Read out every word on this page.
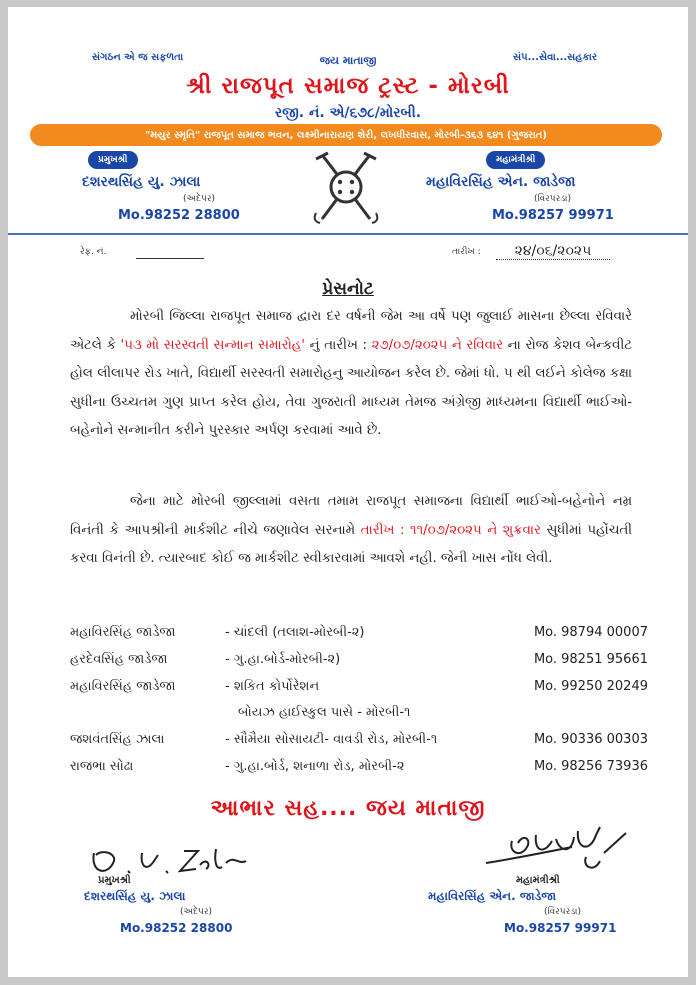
સંગઠન એ જ સફળતા	જય માતાજી	સંપ...સેવા...સહકાર
શ્રી રાજપૂત સમાજ ટ્રસ્ટ - મોરબી
રજી. નં. એ/૬૭૮/મોરબી.
"મયુર સ્મૃતિ" રાજપૂત સમાજ ભવન, લક્ષ્મીનારાયણ શેરી, લખધીરવાસ, મોરબી-૩૬૩ ૬૪૧ (ગુજરાત)
પ્રમુખશ્રી
દશરથસિંહ યુ. ઝાલા
(અદેપર)
Mo.98252 28800
મહામંત્રીશ્રી
મહાવિરસિંહ એન. જાડેજા
(વિરપરડા)
Mo.98257 99971
રેફ. નં.	તારીખ :	૨૪/૦૬/૨૦૨૫
પ્રેસનોટ
મોરબી જિલ્લા રાજપૂત સમાજ દ્વારા દર વર્ષની જેમ આ વર્ષે પણ જુલાઈ માસના છેલ્લા રવિવારે એટલે કે '૫૩ મો સરસ્વતી સન્માન સમારોહ' નું તારીખ : ૨૭/૦૭/૨૦૨૫ ને રવિવાર ના રોજ કેશવ બેન્કવીટ હોલ લીલાપર રોડ ખાતે, વિદ્યાર્થી સરસ્વતી સમારોહનુ આયોજન કરેલ છે. જેમાં ધો. ૫ થી લઈને કોલેજ કક્ષા સુધીના ઉચ્ચતમ ગુણ પ્રાપ્ત કરેલ હોય, તેવા ગુજરાતી માધ્યમ તેમજ અંગ્રેજી માધ્યમના વિદ્યાર્થી ભાઈઓ-બહેનોને સન્માનીત કરીને પુરસ્કાર અર્પણ કરવામાં આવે છે.
જેના માટે મોરબી જીલ્લામાં વસતા તમામ રાજપૂત સમાજના વિદ્યાર્થી ભાઈઓ-બહેનોને નમ્ર વિનંતી કે આપશ્રીની માર્કશીટ નીચે જણાવેલ સરનામે તારીખ : ૧૧/૦૭/૨૦૨૫ ને શુક્રવાર સુધીમાં પહોંચતી કરવા વિનંતી છે. ત્યારબાદ કોઈ જ માર્કશીટ સ્વીકારવામાં આવશે નહી. જેની ખાસ નોંધ લેવી.
મહાવિરસિંહ જાડેજા	- ચાંદલી (તલાશ-મોરબી-૨)	Mo. 98794 00007
હરદેવસિંહ જાડેજા	- ગુ.હા.બોર્ડ-મોરબી-૨)	Mo. 98251 95661
મહાવિરસિંહ જાડેજા	- શકિત કોર્પોરેશન	Mo. 99250 20249
બોયઝ હાઈસ્કુલ પાસે - મોરબી-૧
જશવંતસિંહ ઝાલા	- સૌમૈયા સોસાયટી- વાવડી રોડ, મોરબી-૧	Mo. 90336 00303
રાજભા સોઢા	- ગુ.હા.બોર્ડ, શનાળા રોડ, મોરબી-૨	Mo. 98256 73936
આભાર સહ.... જય માતાજી
પ્રમુખશ્રી
દશરથસિંહ યુ. ઝાલા
(અદેપર)
Mo.98252 28800
મહામંત્રીશ્રી
મહાવિરસિંહ એન. જાડેજા
(વિરપરડા)
Mo.98257 99971
